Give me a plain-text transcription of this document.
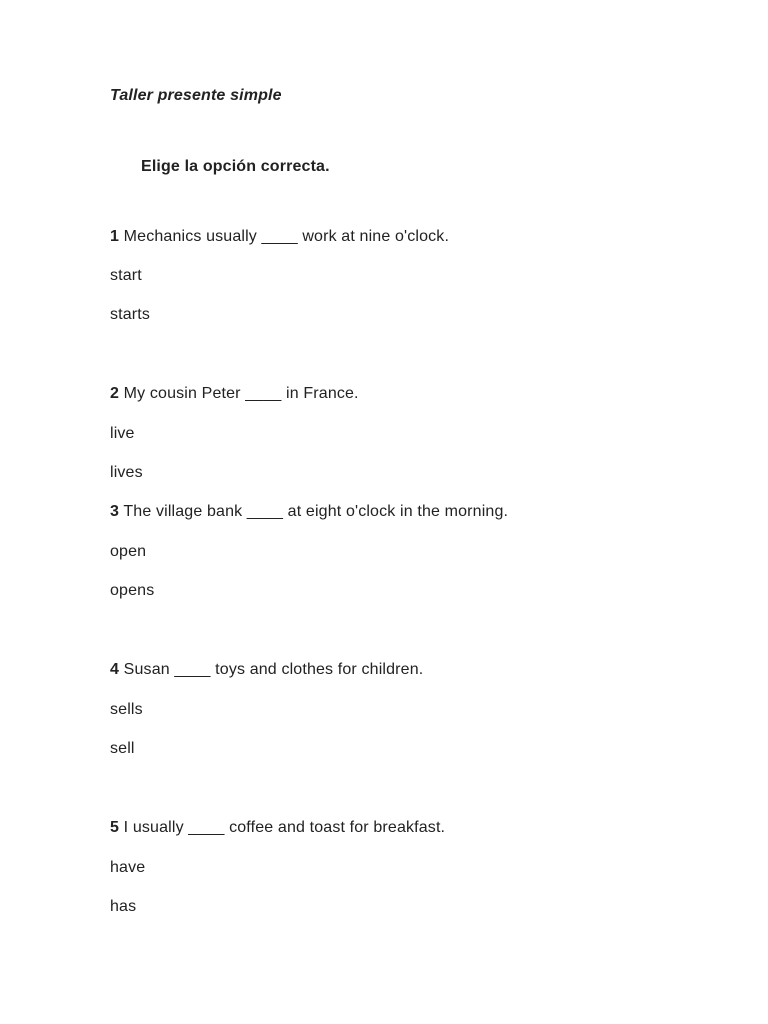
Taller presente simple
Elige la opción correcta.
1 Mechanics usually ____ work at nine o'clock.
start
starts
2 My cousin Peter ____ in France.
live
lives
3 The village bank ____ at eight o'clock in the morning.
open
opens
4 Susan ____ toys and clothes for children.
sells
sell
5 I usually ____ coffee and toast for breakfast.
have
has
